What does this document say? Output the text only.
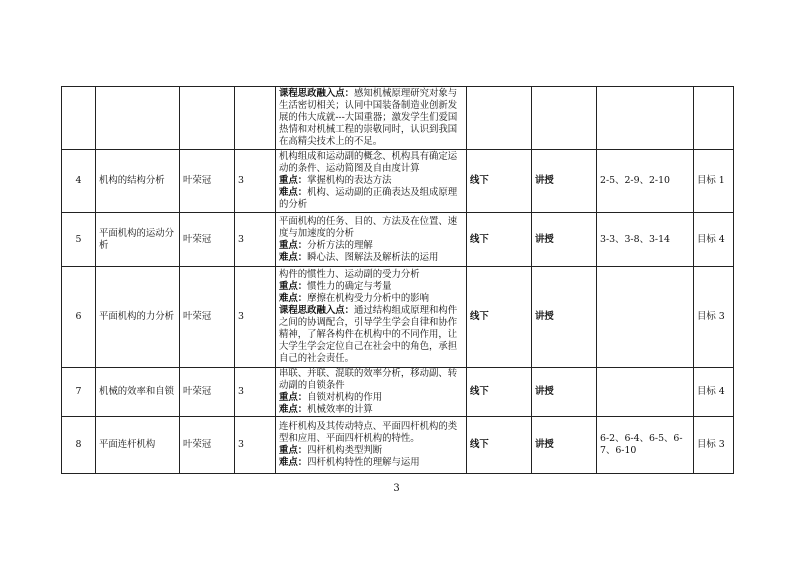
				课程思政融入点：感知机械原理研究对象与生活密切相关；认同中国装备制造业创新发展的伟大成就---大国重器；激发学生们爱国热情和对机械工程的崇敬同时，认识到我国在高精尖技术上的不足。				

4	机构的结构分析	叶荣冠	3	机构组成和运动副的概念、机构具有确定运动的条件、运动简图及自由度计算
重点：掌握机构的表达方法
难点：机构、运动副的正确表达及组成原理的分析	线下	讲授	2-5、2-9、2-10	目标 1
5	平面机构的运动分析	叶荣冠	3	平面机构的任务、目的、方法及在位置、速度与加速度的分析
重点：分析方法的理解
难点：瞬心法、图解法及解析法的运用	线下	讲授	3-3、3-8、3-14	目标 4
6	平面机构的力分析	叶荣冠	3	构件的惯性力、运动副的受力分析
重点：惯性力的确定与考量
难点：摩擦在机构受力分析中的影响
课程思政融入点：通过结构组成原理和构件之间的协调配合，引导学生学会自律和协作精神，了解各构件在机构中的不同作用，让大学生学会定位自己在社会中的角色，承担自己的社会责任。	线下	讲授		目标 3
7	机械的效率和自锁	叶荣冠	3	串联、并联、混联的效率分析，移动副、转动副的自锁条件
重点：自锁对机构的作用
难点：机械效率的计算	线下	讲授		目标 4
8	平面连杆机构	叶荣冠	3	连杆机构及其传动特点、平面四杆机构的类型和应用、平面四杆机构的特性。
重点：四杆机构类型判断
难点：四杆机构特性的理解与运用	线下	讲授	6-2、6-4、6-5、6-7、6-10	目标 3
3
